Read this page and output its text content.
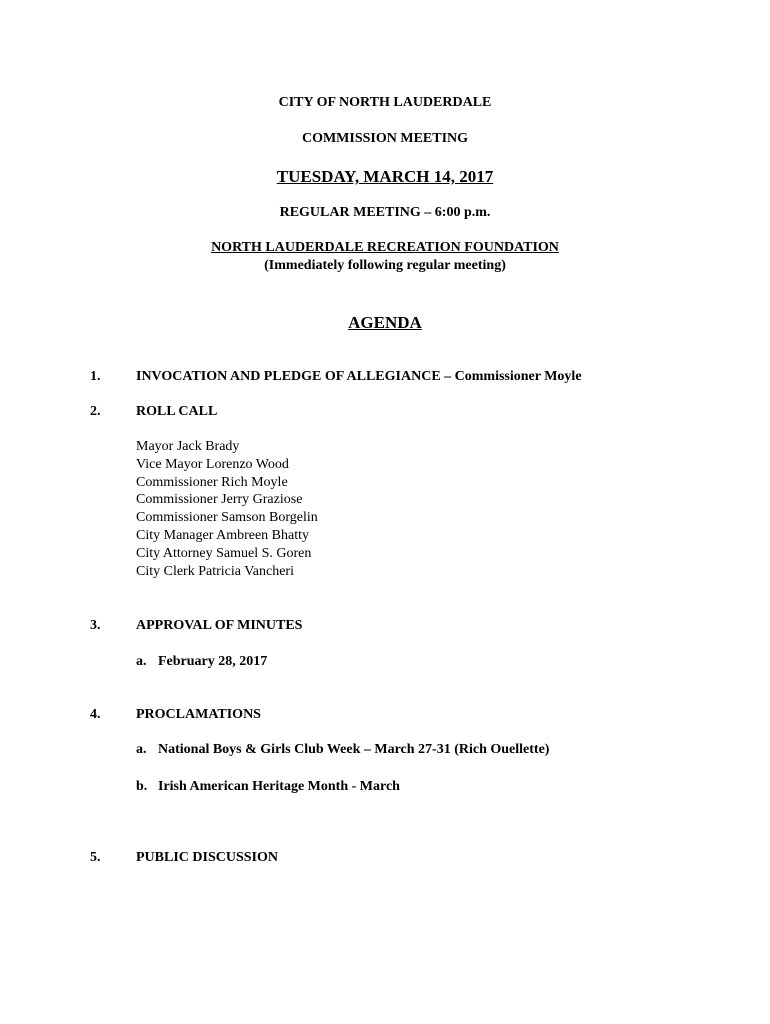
CITY OF NORTH LAUDERDALE
COMMISSION MEETING
TUESDAY, MARCH 14, 2017
REGULAR MEETING – 6:00 p.m.
NORTH LAUDERDALE RECREATION FOUNDATION
(Immediately following regular meeting)
AGENDA
1.	INVOCATION AND PLEDGE OF ALLEGIANCE – Commissioner Moyle
2.	ROLL CALL
Mayor Jack Brady
Vice Mayor Lorenzo Wood
Commissioner Rich Moyle
Commissioner Jerry Graziose
Commissioner Samson Borgelin
City Manager Ambreen Bhatty
City Attorney Samuel S. Goren
City Clerk Patricia Vancheri
3.	APPROVAL OF MINUTES
a. February 28, 2017
4.	PROCLAMATIONS
a. National Boys & Girls Club Week – March 27-31 (Rich Ouellette)
b. Irish American Heritage Month - March
5.	PUBLIC DISCUSSION
